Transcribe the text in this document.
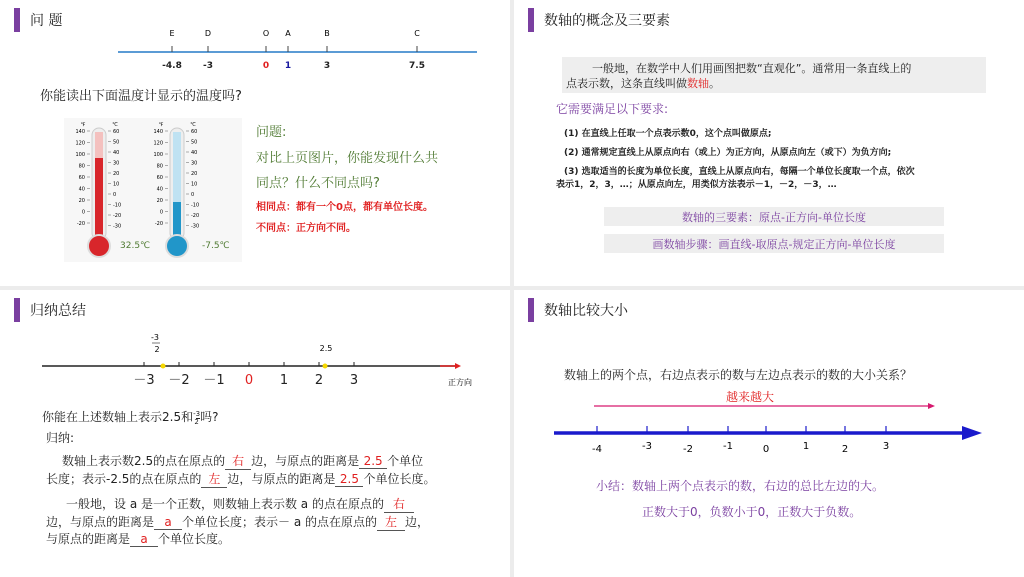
问 题
E
-4.8
D
-3
O
0
A
1
B
3
C
7.5
你能读出下面温度计显示的温度吗?
℉	℃
140
120
100
80
60
40
20
0
-20
60
50
40
30
20
10
0
-10
-20
-30
℉	℃
140
120
100
80
60
40
20
0
-20
60
50
40
30
20
10
0
-10
-20
-30
32.5℃	-7.5℃
问题:
对比上页图片，你能发现什么共
同点？什么不同点吗?
相同点：都有一个0点，都有单位长度。
不同点：正方向不同。
数轴的概念及三要素
一般地，在数学中人们用画图把数“直观化”。通常用一条直线上的
点表示数，这条直线叫做数轴。
它需要满足以下要求:
(1) 在直线上任取一个点表示数0，这个点叫做原点;
(2) 通常规定直线上从原点向右（或上）为正方向，从原点向左（或下）为负方向;
(3) 选取适当的长度为单位长度，直线上从原点向右，每隔一个单位长度取一个点，依次
表示1，2，3，…；从原点向左，用类似方法表示－1，－2，－3，…
数轴的三要素：原点-正方向-单位长度
画数轴步骤：画直线-取原点-规定正方向-单位长度
归纳总结
-3
2	2.5
－3 －2 －1 0 1 2 3	正方向
你能在上述数轴上表示2.5和-3
2吗?
归纳:
数轴上表示数2.5的点在原点的 右 边，与原点的距离是 2.5 个单位
长度；表示-2.5的点在原点的 左 边，与原点的距离是 2.5 个单位长度。
一般地，设 a 是一个正数，则数轴上表示数 a 的点在原点的 右
边，与原点的距离是 a 个单位长度；表示－ a 的点在原点的 左 边，
与原点的距离是 a 个单位长度。
数轴比较大小
数轴上的两个点，右边点表示的数与左边点表示的数的大小关系？
越来越大
-4	-3	-2	-1	0	1	2	3
小结：数轴上两个点表示的数，右边的总比左边的大。
正数大于0，负数小于0，正数大于负数。
